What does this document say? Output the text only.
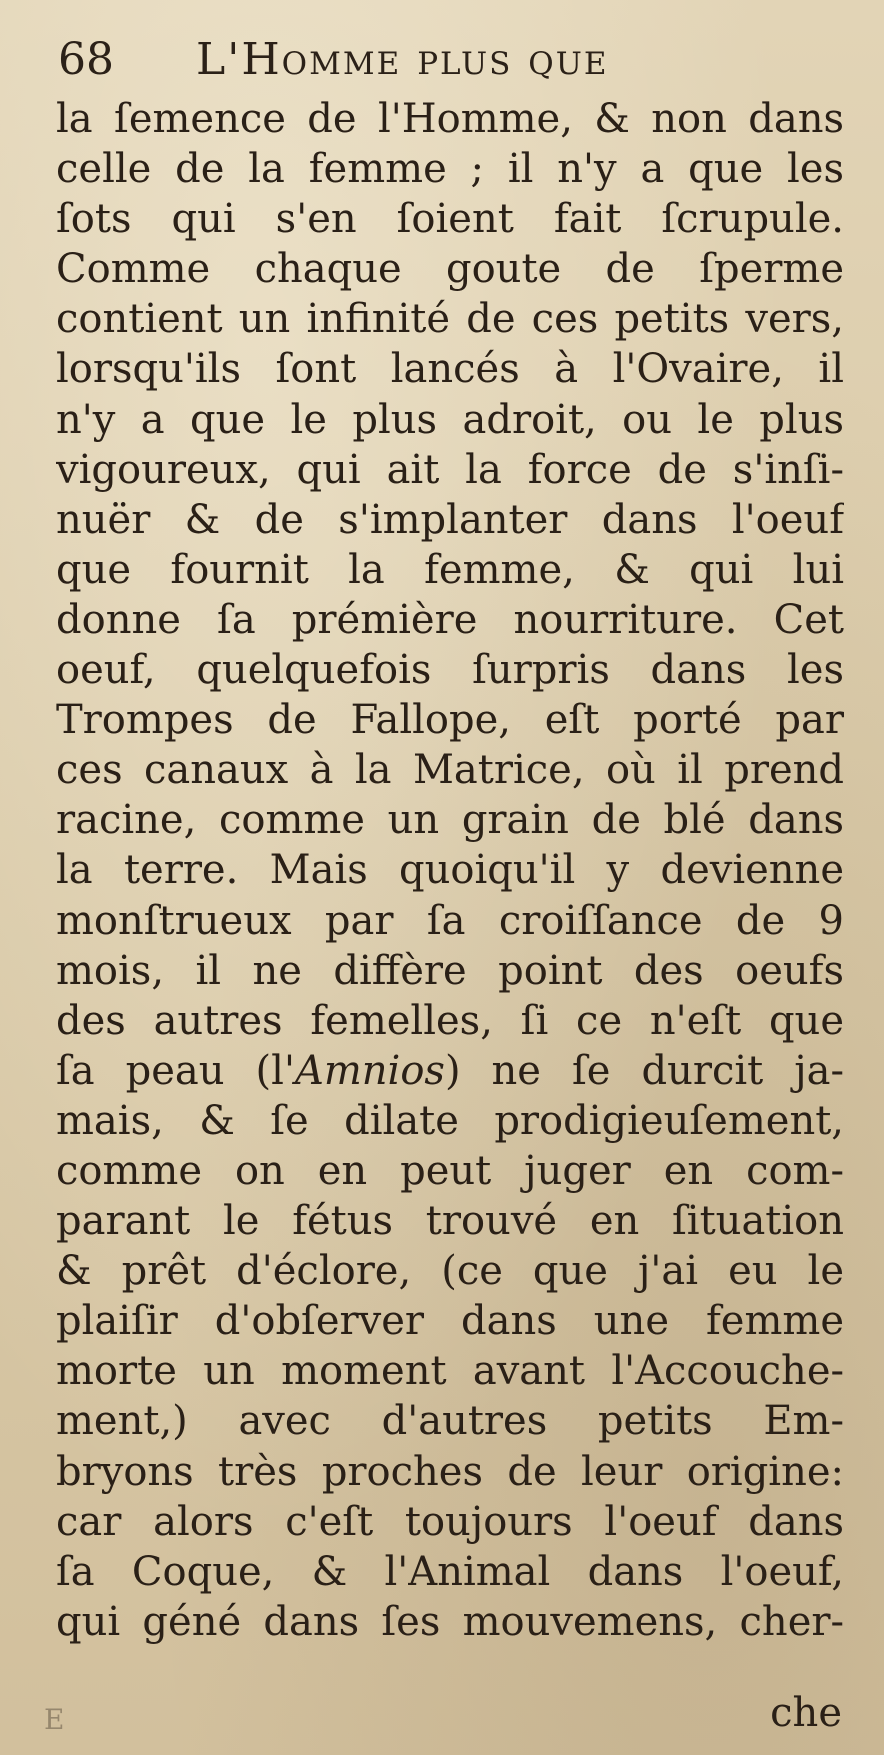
68 L'Homme plus que
la ſemence de l'Homme, & non dans
celle de la femme ; il n'y a que les
ſots qui s'en ſoient fait ſcrupule.
Comme chaque goute de ſperme
contient un infinité de ces petits vers,
lorsqu'ils ſont lancés à l'Ovaire, il
n'y a que le plus adroit, ou le plus
vigoureux, qui ait la force de s'inſi-
nuër & de s'implanter dans l'oeuf
que fournit la femme, & qui lui
donne ſa prémière nourriture. Cet
oeuf, quelquefois ſurpris dans les
Trompes de Fallope, eſt porté par
ces canaux à la Matrice, où il prend
racine, comme un grain de blé dans
la terre. Mais quoiqu'il y devienne
monſtrueux par ſa croiſſance de 9
mois, il ne diffère point des oeufs
des autres femelles, ſi ce n'eſt que
ſa peau (l'Amnios) ne ſe durcit ja-
mais, & ſe dilate prodigieuſement,
comme on en peut juger en com-
parant le fétus trouvé en ſituation
& prêt d'éclore, (ce que j'ai eu le
plaiſir d'obſerver dans une femme
morte un moment avant l'Accouche-
ment,) avec d'autres petits Em-
bryons très proches de leur origine:
car alors c'eſt toujours l'oeuf dans
ſa Coque, & l'Animal dans l'oeuf,
qui géné dans ſes mouvemens, cher-
E	che
